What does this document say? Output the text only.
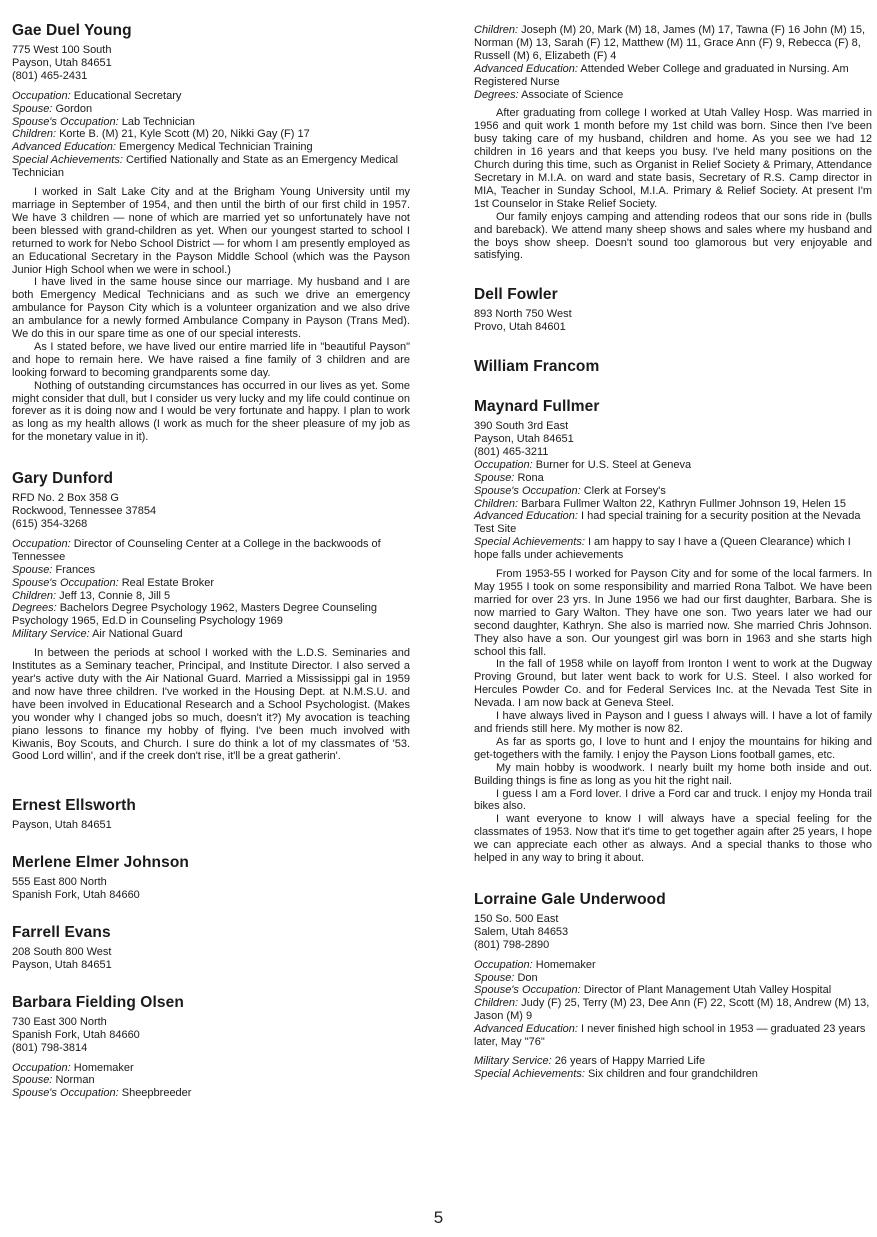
Gae Duel Young
775 West 100 South
Payson, Utah 84651
(801) 465-2431
Occupation: Educational Secretary
Spouse: Gordon
Spouse's Occupation: Lab Technician
Children: Korte B. (M) 21, Kyle Scott (M) 20, Nikki Gay (F) 17
Advanced Education: Emergency Medical Technician Training
Special Achievements: Certified Nationally and State as an Emergency Medical Technician

I worked in Salt Lake City and at the Brigham Young University until my marriage in September of 1954, and then until the birth of our first child in 1957. We have 3 children — none of which are married yet so unfortunately have not been blessed with grand-children as yet. When our youngest started to school I returned to work for Nebo School District — for whom I am presently employed as an Educational Secretary in the Payson Middle School (which was the Payson Junior High School when we were in school.)

I have lived in the same house since our marriage. My husband and I are both Emergency Medical Technicians and as such we drive an emergency ambulance for Payson City which is a volunteer organization and we also drive an ambulance for a newly formed Ambulance Company in Payson (Trans Med). We do this in our spare time as one of our special interests.

As I stated before, we have lived our entire married life in "beautiful Payson" and hope to remain here. We have raised a fine family of 3 children and are looking forward to becoming grandparents some day.

Nothing of outstanding circumstances has occurred in our lives as yet. Some might consider that dull, but I consider us very lucky and my life could continue on forever as it is doing now and I would be very fortunate and happy. I plan to work as long as my health allows (I work as much for the sheer pleasure of my job as for the monetary value in it).

Gary Dunford
RFD No. 2 Box 358 G
Rockwood, Tennessee 37854
(615) 354-3268
Occupation: Director of Counseling Center at a College in the backwoods of Tennessee
Spouse: Frances
Spouse's Occupation: Real Estate Broker
Children: Jeff 13, Connie 8, Jill 5
Degrees: Bachelors Degree Psychology 1962, Masters Degree Counseling Psychology 1965, Ed.D in Counseling Psychology 1969
Military Service: Air National Guard

In between the periods at school I worked with the L.D.S. Seminaries and Institutes as a Seminary teacher, Principal, and Institute Director. I also served a year's active duty with the Air National Guard. Married a Mississippi gal in 1959 and now have three children. I've worked in the Housing Dept. at N.M.S.U. and have been involved in Educational Research and a School Psychologist. (Makes you wonder why I changed jobs so much, doesn't it?) My avocation is teaching piano lessons to finance my hobby of flying. I've been much involved with Kiwanis, Boy Scouts, and Church. I sure do think a lot of my classmates of '53. Good Lord willin', and if the creek don't rise, it'll be a great gatherin'.

Ernest Ellsworth
Payson, Utah 84651
Merlene Elmer Johnson
555 East 800 North
Spanish Fork, Utah 84660
Farrell Evans
208 South 800 West
Payson, Utah 84651
Barbara Fielding Olsen
730 East 300 North
Spanish Fork, Utah 84660
(801) 798-3814
Occupation: Homemaker
Spouse: Norman
Spouse's Occupation: Sheepbreeder
Children: Joseph (M) 20, Mark (M) 18, James (M) 17, Tawna (F) 16 John (M) 15, Norman (M) 13, Sarah (F) 12, Matthew (M) 11, Grace Ann (F) 9, Rebecca (F) 8, Russell (M) 6, Elizabeth (F) 4
Advanced Education: Attended Weber College and graduated in Nursing. Am Registered Nurse
Degrees: Associate of Science

After graduating from college I worked at Utah Valley Hosp. Was married in 1956 and quit work 1 month before my 1st child was born. Since then I've been busy taking care of my husband, children and home. As you see we had 12 children in 16 years and that keeps you busy. I've held many positions on the Church during this time, such as Organist in Relief Society & Primary, Attendance Secretary in M.I.A. on ward and state basis, Secretary of R.S. Camp director in MIA, Teacher in Sunday School, M.I.A. Primary & Relief Society. At present I'm 1st Counselor in Stake Relief Society.

Our family enjoys camping and attending rodeos that our sons ride in (bulls and bareback). We attend many sheep shows and sales where my husband and the boys show sheep. Doesn't sound too glamorous but very enjoyable and satisfying.

Dell Fowler
893 North 750 West
Provo, Utah 84601
William Francom
Maynard Fullmer
390 South 3rd East
Payson, Utah 84651
(801) 465-3211
Occupation: Burner for U.S. Steel at Geneva
Spouse: Rona
Spouse's Occupation: Clerk at Forsey's
Children: Barbara Fullmer Walton 22, Kathryn Fullmer Johnson 19, Helen 15
Advanced Education: I had special training for a security position at the Nevada Test Site
Special Achievements: I am happy to say I have a (Queen Clearance) which I hope falls under achievements

From 1953-55 I worked for Payson City and for some of the local farmers. In May 1955 I took on some responsibility and married Rona Talbot. We have been married for over 23 yrs. In June 1956 we had our first daughter, Barbara. She is now married to Gary Walton. They have one son. Two years later we had our second daughter, Kathryn. She also is married now. She married Chris Johnson. They also have a son. Our youngest girl was born in 1963 and she starts high school this fall.

In the fall of 1958 while on layoff from Ironton I went to work at the Dugway Proving Ground, but later went back to work for U.S. Steel. I also worked for Hercules Powder Co. and for Federal Services Inc. at the Nevada Test Site in Nevada. I am now back at Geneva Steel.

I have always lived in Payson and I guess I always will. I have a lot of family and friends still here. My mother is now 82.

As far as sports go, I love to hunt and I enjoy the mountains for hiking and get-togethers with the family. I enjoy the Payson Lions football games, etc.

My main hobby is woodwork. I nearly built my home both inside and out. Building things is fine as long as you hit the right nail.

I guess I am a Ford lover. I drive a Ford car and truck. I enjoy my Honda trail bikes also.

I want everyone to know I will always have a special feeling for the classmates of 1953. Now that it's time to get together again after 25 years, I hope we can appreciate each other as always. And a special thanks to those who helped in any way to bring it about.

Lorraine Gale Underwood
150 So. 500 East
Salem, Utah 84653
(801) 798-2890
Occupation: Homemaker
Spouse: Don
Spouse's Occupation: Director of Plant Management Utah Valley Hospital
Children: Judy (F) 25, Terry (M) 23, Dee Ann (F) 22, Scott (M) 18, Andrew (M) 13, Jason (M) 9
Advanced Education: I never finished high school in 1953 — graduated 23 years later, May "76"
Military Service: 26 years of Happy Married Life
Special Achievements: Six children and four grandchildren
5
